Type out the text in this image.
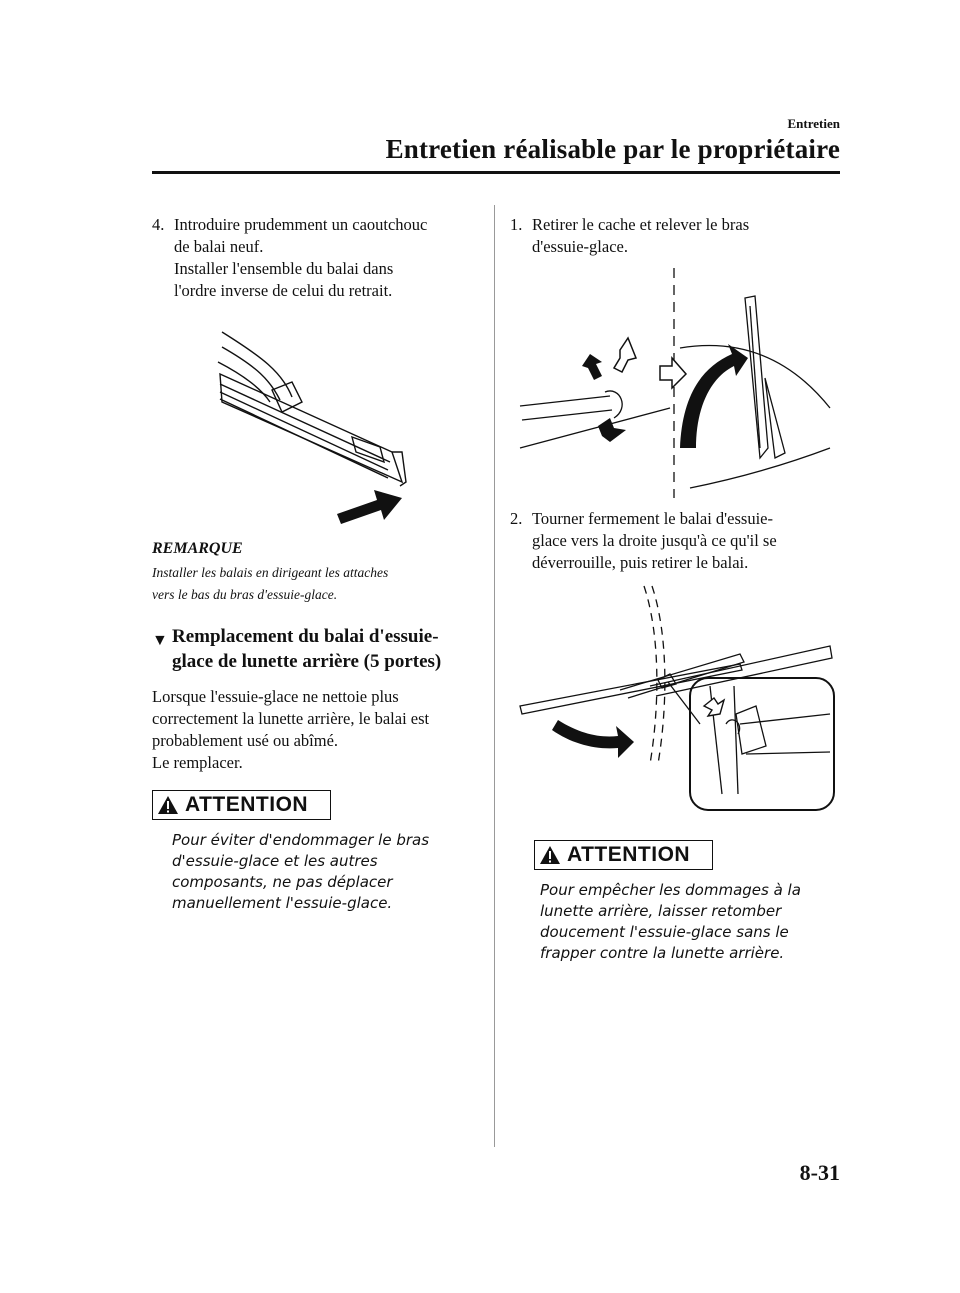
Entretien
Entretien réalisable par le propriétaire
4. Introduire prudemment un caoutchouc
de balai neuf.
Installer l'ensemble du balai dans
l'ordre inverse de celui du retrait.
REMARQUE
Installer les balais en dirigeant les attaches
vers le bas du bras d'essuie-glace.
▼ Remplacement du balai d'essuie-
glace de lunette arrière (5 portes)
Lorsque l'essuie-glace ne nettoie plus
correctement la lunette arrière, le balai est
probablement usé ou abîmé.
Le remplacer.
ATTENTION
Pour éviter d'endommager le bras
d'essuie-glace et les autres
composants, ne pas déplacer
manuellement l'essuie-glace.
1. Retirer le cache et relever le bras
d'essuie-glace.
2. Tourner fermement le balai d'essuie-
glace vers la droite jusqu'à ce qu'il se
déverrouille, puis retirer le balai.
ATTENTION
Pour empêcher les dommages à la
lunette arrière, laisser retomber
doucement l'essuie-glace sans le
frapper contre la lunette arrière.
8-31
